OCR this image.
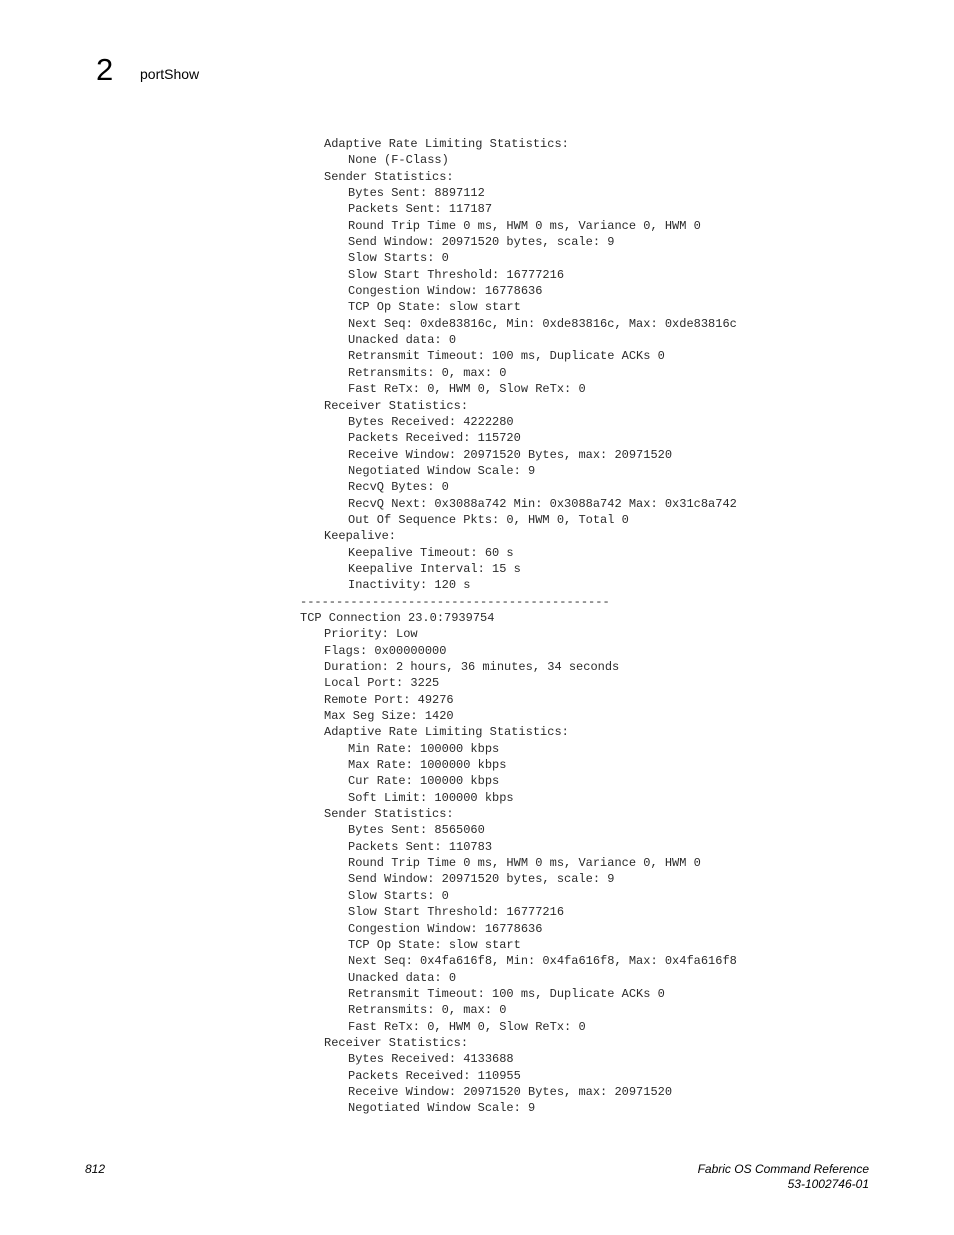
2 portShow
Adaptive Rate Limiting Statistics:
None (F-Class)
Sender Statistics:
Bytes Sent: 8897112
Packets Sent: 117187
Round Trip Time 0 ms, HWM 0 ms, Variance 0, HWM 0
Send Window: 20971520 bytes, scale: 9
Slow Starts: 0
Slow Start Threshold: 16777216
Congestion Window: 16778636
TCP Op State: slow start
Next Seq: 0xde83816c, Min: 0xde83816c, Max: 0xde83816c
Unacked data: 0
Retransmit Timeout: 100 ms, Duplicate ACKs 0
Retransmits: 0, max: 0
Fast ReTx: 0, HWM 0, Slow ReTx: 0
Receiver Statistics:
Bytes Received: 4222280
Packets Received: 115720
Receive Window: 20971520 Bytes, max: 20971520
Negotiated Window Scale: 9
RecvQ Bytes: 0
RecvQ Next: 0x3088a742 Min: 0x3088a742 Max: 0x31c8a742
Out Of Sequence Pkts: 0, HWM 0, Total 0
Keepalive:
Keepalive Timeout: 60 s
Keepalive Interval: 15 s
Inactivity: 120 s
-------------------------------------------
TCP Connection 23.0:7939754
Priority: Low
Flags: 0x00000000
Duration: 2 hours, 36 minutes, 34 seconds
Local Port: 3225
Remote Port: 49276
Max Seg Size: 1420
Adaptive Rate Limiting Statistics:
Min Rate: 100000 kbps
Max Rate: 1000000 kbps
Cur Rate: 100000 kbps
Soft Limit: 100000 kbps
Sender Statistics:
Bytes Sent: 8565060
Packets Sent: 110783
Round Trip Time 0 ms, HWM 0 ms, Variance 0, HWM 0
Send Window: 20971520 bytes, scale: 9
Slow Starts: 0
Slow Start Threshold: 16777216
Congestion Window: 16778636
TCP Op State: slow start
Next Seq: 0x4fa616f8, Min: 0x4fa616f8, Max: 0x4fa616f8
Unacked data: 0
Retransmit Timeout: 100 ms, Duplicate ACKs 0
Retransmits: 0, max: 0
Fast ReTx: 0, HWM 0, Slow ReTx: 0
Receiver Statistics:
Bytes Received: 4133688
Packets Received: 110955
Receive Window: 20971520 Bytes, max: 20971520
Negotiated Window Scale: 9
812	Fabric OS Command Reference
53-1002746-01
